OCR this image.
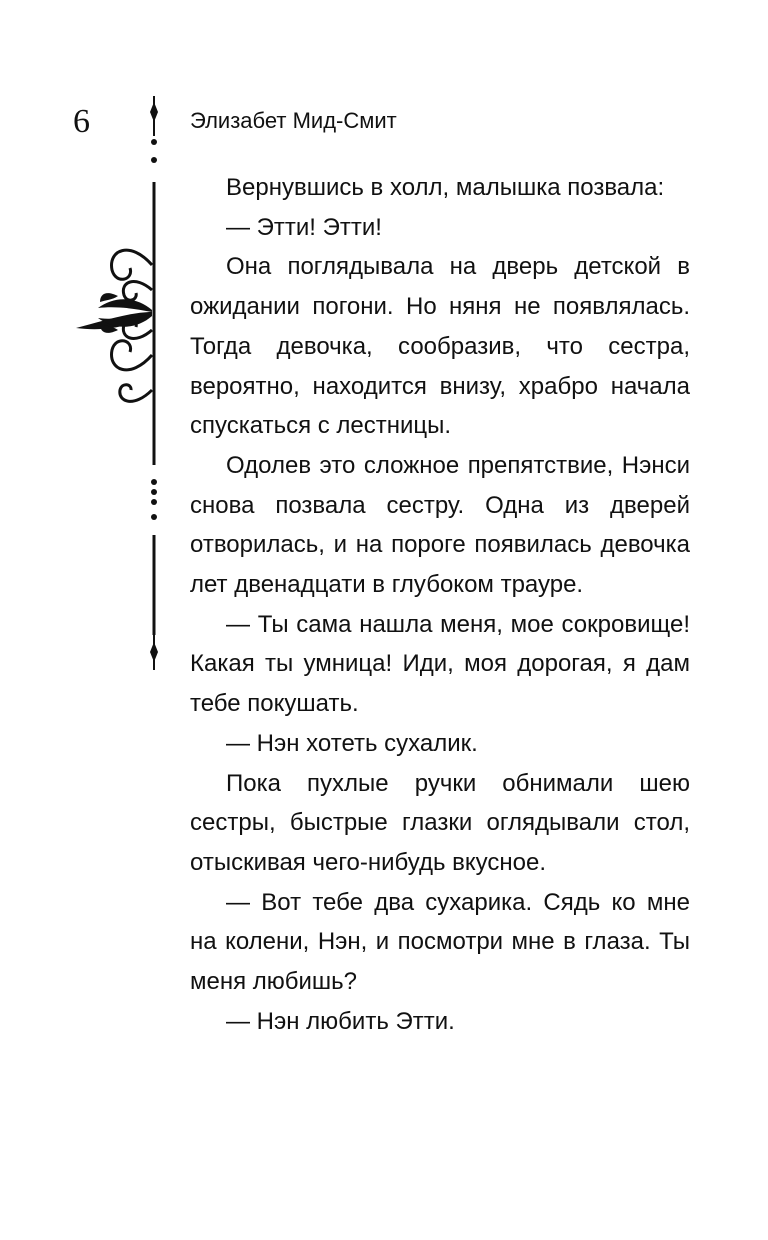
6	Элизабет Мид-Смит

Вернувшись в холл, малышка позвала:

— Этти! Этти!

Она поглядывала на дверь детской в ожидании погони. Но няня не появлялась. Тогда девочка, сообразив, что сестра, вероятно, находится внизу, храбро начала спускаться с лестницы.

Одолев это сложное препятствие, Нэнси снова позвала сестру. Одна из дверей отворилась, и на пороге появилась девочка лет двенадцати в глубоком трауре.

— Ты сама нашла меня, мое сокровище! Какая ты умница! Иди, моя дорогая, я дам тебе покушать.

— Нэн хотеть сухалик.

Пока пухлые ручки обнимали шею сестры, быстрые глазки оглядывали стол, отыскивая чего-нибудь вкусное.

— Вот тебе два сухарика. Сядь ко мне на колени, Нэн, и посмотри мне в глаза. Ты меня любишь?

— Нэн любить Этти.
